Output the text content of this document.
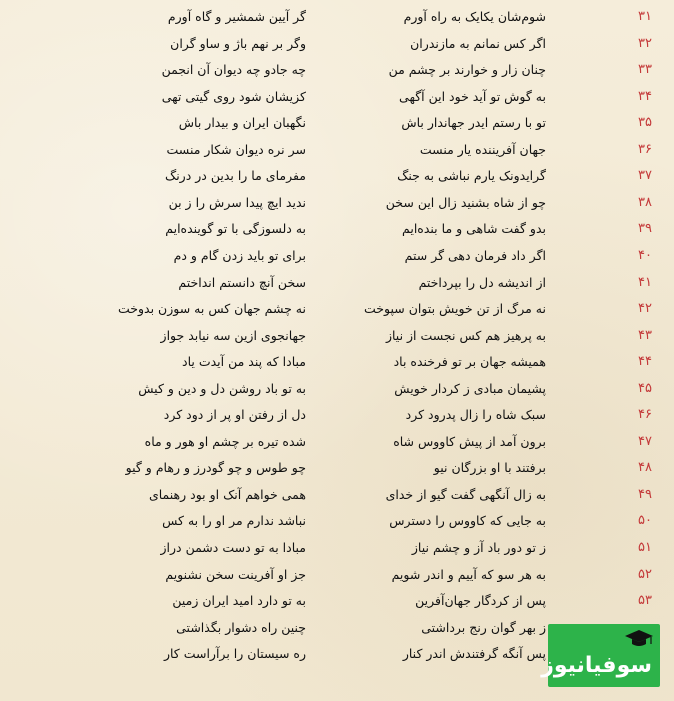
۳۱
شوم‌شان یکایک به راه آورم
گر آیین شمشیر و گاه آورم
۳۲
اگر کس نمانم به مازندران
وگر بر نهم باژ و ساو گران
۳۳
چنان زار و خوارند بر چشم من
چه جادو چه دیوان آن انجمن
۳۴
به گوش تو آید خود این آگهی
کزیشان شود روی گیتی تهی
۳۵
تو با رستم ایدر جهاندار باش
نگهبان ایران و بیدار باش
۳۶
جهان آفریننده یار منست
سر نره دیوان شکار منست
۳۷
گرایدونک یارم نباشی به جنگ
مفرمای ما را بدین در درنگ
۳۸
چو از شاه بشنید زال این سخن
ندید ایچ پیدا سرش را ز بن
۳۹
بدو گفت شاهی و ما بنده‌ایم
به دلسوزگی با تو گوینده‌ایم
۴۰
اگر داد فرمان دهی گر ستم
برای تو باید زدن گام و دم
۴۱
از اندیشه دل را بپرداختم
سخن آنچ دانستم انداختم
۴۲
نه مرگ از تن خویش بتوان سپوخت
نه چشم جهان کس به سوزن بدوخت
۴۳
به پرهیز هم کس نجست از نیاز
جهانجوی ازین سه نیابد جواز
۴۴
همیشه جهان بر تو فرخنده باد
مبادا که پند من آیدت یاد
۴۵
پشیمان مبادی ز کردار خویش
به تو باد روشن دل و دین و کیش
۴۶
سبک شاه را زال پدرود کرد
دل از رفتن او پر از دود کرد
۴۷
برون آمد از پیش کاووس شاه
شده تیره بر چشم او هور و ماه
۴۸
برفتند با او بزرگان نیو
چو طوس و چو گودرز و رهام و گیو
۴۹
به زال آنگهی گفت گیو از خدای
همی خواهم آنک او بود رهنمای
۵۰
به جایی که کاووس را دسترس
نباشد ندارم مر او را به کس
۵۱
ز تو دور باد آز و چشم نیاز
مبادا به تو دست دشمن دراز
۵۲
به هر سو که آییم و اندر شویم
جز او آفرینت سخن نشنویم
۵۳
پس از کردگار جهان‌آفرین
به تو دارد امید ایران زمین
ز بهر گوان رنج برداشتی
چنین راه دشوار بگذاشتی
پس آنگه گرفتندش اندر کنار
ره سیستان را برآراست کار	سوفیانیوز
